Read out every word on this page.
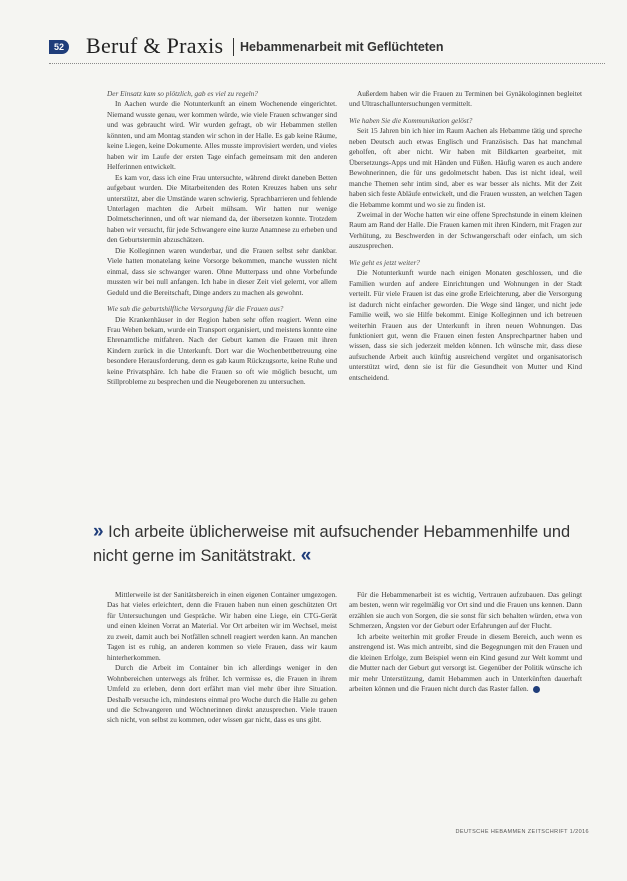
52 Beruf & Praxis Hebammenarbeit mit Geflüchteten

Der Einsatz kam so plötzlich, gab es viel zu regeln?

In Aachen wurde die Notunterkunft an einem Wochenende eingerichtet. Niemand wusste genau, wer kommen würde, wie viele Frauen schwanger sind und was gebraucht wird. Wir wurden gefragt, ob wir Hebammen stellen könnten, und am Montag standen wir schon in der Halle. Es gab keine Räume, keine Liegen, keine Dokumente. Alles musste improvisiert werden, und vieles haben wir im Laufe der ersten Tage einfach gemeinsam mit den anderen Helferinnen entwickelt.

Es kam vor, dass ich eine Frau untersuchte, während direkt daneben Betten aufgebaut wurden. Die Mitarbeitenden des Roten Kreuzes haben uns sehr unterstützt, aber die Umstände waren schwierig. Sprachbarrieren und fehlende Unterlagen machten die Arbeit mühsam. Wir hatten nur wenige Dolmetscherinnen, und oft war niemand da, der übersetzen konnte. Trotzdem haben wir versucht, für jede Schwangere eine kurze Anamnese zu erheben und den Geburtstermin abzuschätzen.

Die Kolleginnen waren wunderbar, und die Frauen selbst sehr dankbar. Viele hatten monatelang keine Vorsorge bekommen, manche wussten nicht einmal, dass sie schwanger waren. Ohne Mutterpass und ohne Vorbefunde mussten wir bei null anfangen. Ich habe in dieser Zeit viel gelernt, vor allem Geduld und die Bereitschaft, Dinge anders zu machen als gewohnt.

Wie sah die geburtshilfliche Versorgung für die Frauen aus?

Die Krankenhäuser in der Region haben sehr offen reagiert. Wenn eine Frau Wehen bekam, wurde ein Transport organisiert, und meistens konnte eine Ehrenamtliche mitfahren. Nach der Geburt kamen die Frauen mit ihren Kindern zurück in die Unterkunft. Dort war die Wochenbettbetreuung eine besondere Herausforderung, denn es gab kaum Rückzugsorte, keine Ruhe und keine Privatsphäre. Ich habe die Frauen so oft wie möglich besucht, um Stillprobleme zu besprechen und die Neugeborenen zu untersuchen.

Außerdem haben wir die Frauen zu Terminen bei Gynäkologinnen begleitet und Ultraschalluntersuchungen vermittelt.

Wie haben Sie die Kommunikation gelöst?

Seit 15 Jahren bin ich hier im Raum Aachen als Hebamme tätig und spreche neben Deutsch auch etwas Englisch und Französisch. Das hat manchmal geholfen, oft aber nicht. Wir haben mit Bildkarten gearbeitet, mit Übersetzungs-Apps und mit Händen und Füßen. Häufig waren es auch andere Bewohnerinnen, die für uns gedolmetscht haben. Das ist nicht ideal, weil manche Themen sehr intim sind, aber es war besser als nichts. Mit der Zeit haben sich feste Abläufe entwickelt, und die Frauen wussten, an welchen Tagen die Hebamme kommt und wo sie zu finden ist.

Zweimal in der Woche hatten wir eine offene Sprechstunde in einem kleinen Raum am Rand der Halle. Die Frauen kamen mit ihren Kindern, mit Fragen zur Verhütung, zu Beschwerden in der Schwangerschaft oder einfach, um sich auszusprechen.

Wie geht es jetzt weiter?

Die Notunterkunft wurde nach einigen Monaten geschlossen, und die Familien wurden auf andere Einrichtungen und Wohnungen in der Stadt verteilt. Für viele Frauen ist das eine große Erleichterung, aber die Versorgung ist dadurch nicht einfacher geworden. Die Wege sind länger, und nicht jede Familie weiß, wo sie Hilfe bekommt. Einige Kolleginnen und ich betreuen weiterhin Frauen aus der Unterkunft in ihren neuen Wohnungen. Das funktioniert gut, wenn die Frauen einen festen Ansprechpartner haben und wissen, dass sie sich jederzeit melden können. Ich wünsche mir, dass diese aufsuchende Arbeit auch künftig ausreichend vergütet und organisatorisch unterstützt wird, denn sie ist für die Gesundheit von Mutter und Kind entscheidend.

» Ich arbeite üblicherweise mit aufsuchender Hebammenhilfe und nicht gerne im Sanitätstrakt. «

Mittlerweile ist der Sanitätsbereich in einen eigenen Container umgezogen. Das hat vieles erleichtert, denn die Frauen haben nun einen geschützten Ort für Untersuchungen und Gespräche. Wir haben eine Liege, ein CTG-Gerät und einen kleinen Vorrat an Material. Vor Ort arbeiten wir im Wechsel, meist zu zweit, damit auch bei Notfällen schnell reagiert werden kann. An manchen Tagen ist es ruhig, an anderen kommen so viele Frauen, dass wir kaum hinterherkommen.

Durch die Arbeit im Container bin ich allerdings weniger in den Wohnbereichen unterwegs als früher. Ich vermisse es, die Frauen in ihrem Umfeld zu erleben, denn dort erfährt man viel mehr über ihre Situation. Deshalb versuche ich, mindestens einmal pro Woche durch die Halle zu gehen und die Schwangeren und Wöchnerinnen direkt anzusprechen. Viele trauen sich nicht, von selbst zu kommen, oder wissen gar nicht, dass es uns gibt.

Für die Hebammenarbeit ist es wichtig, Vertrauen aufzubauen. Das gelingt am besten, wenn wir regelmäßig vor Ort sind und die Frauen uns kennen. Dann erzählen sie auch von Sorgen, die sie sonst für sich behalten würden, etwa von Schmerzen, Ängsten vor der Geburt oder Erfahrungen auf der Flucht.

Ich arbeite weiterhin mit großer Freude in diesem Bereich, auch wenn es anstrengend ist. Was mich antreibt, sind die Begegnungen mit den Frauen und die kleinen Erfolge, zum Beispiel wenn ein Kind gesund zur Welt kommt und die Mutter nach der Geburt gut versorgt ist. Gegenüber der Politik wünsche ich mir mehr Unterstützung, damit Hebammen auch in Unterkünften dauerhaft arbeiten können und die Frauen nicht durch das Raster fallen.

DEUTSCHE HEBAMMEN ZEITSCHRIFT 1/2016
